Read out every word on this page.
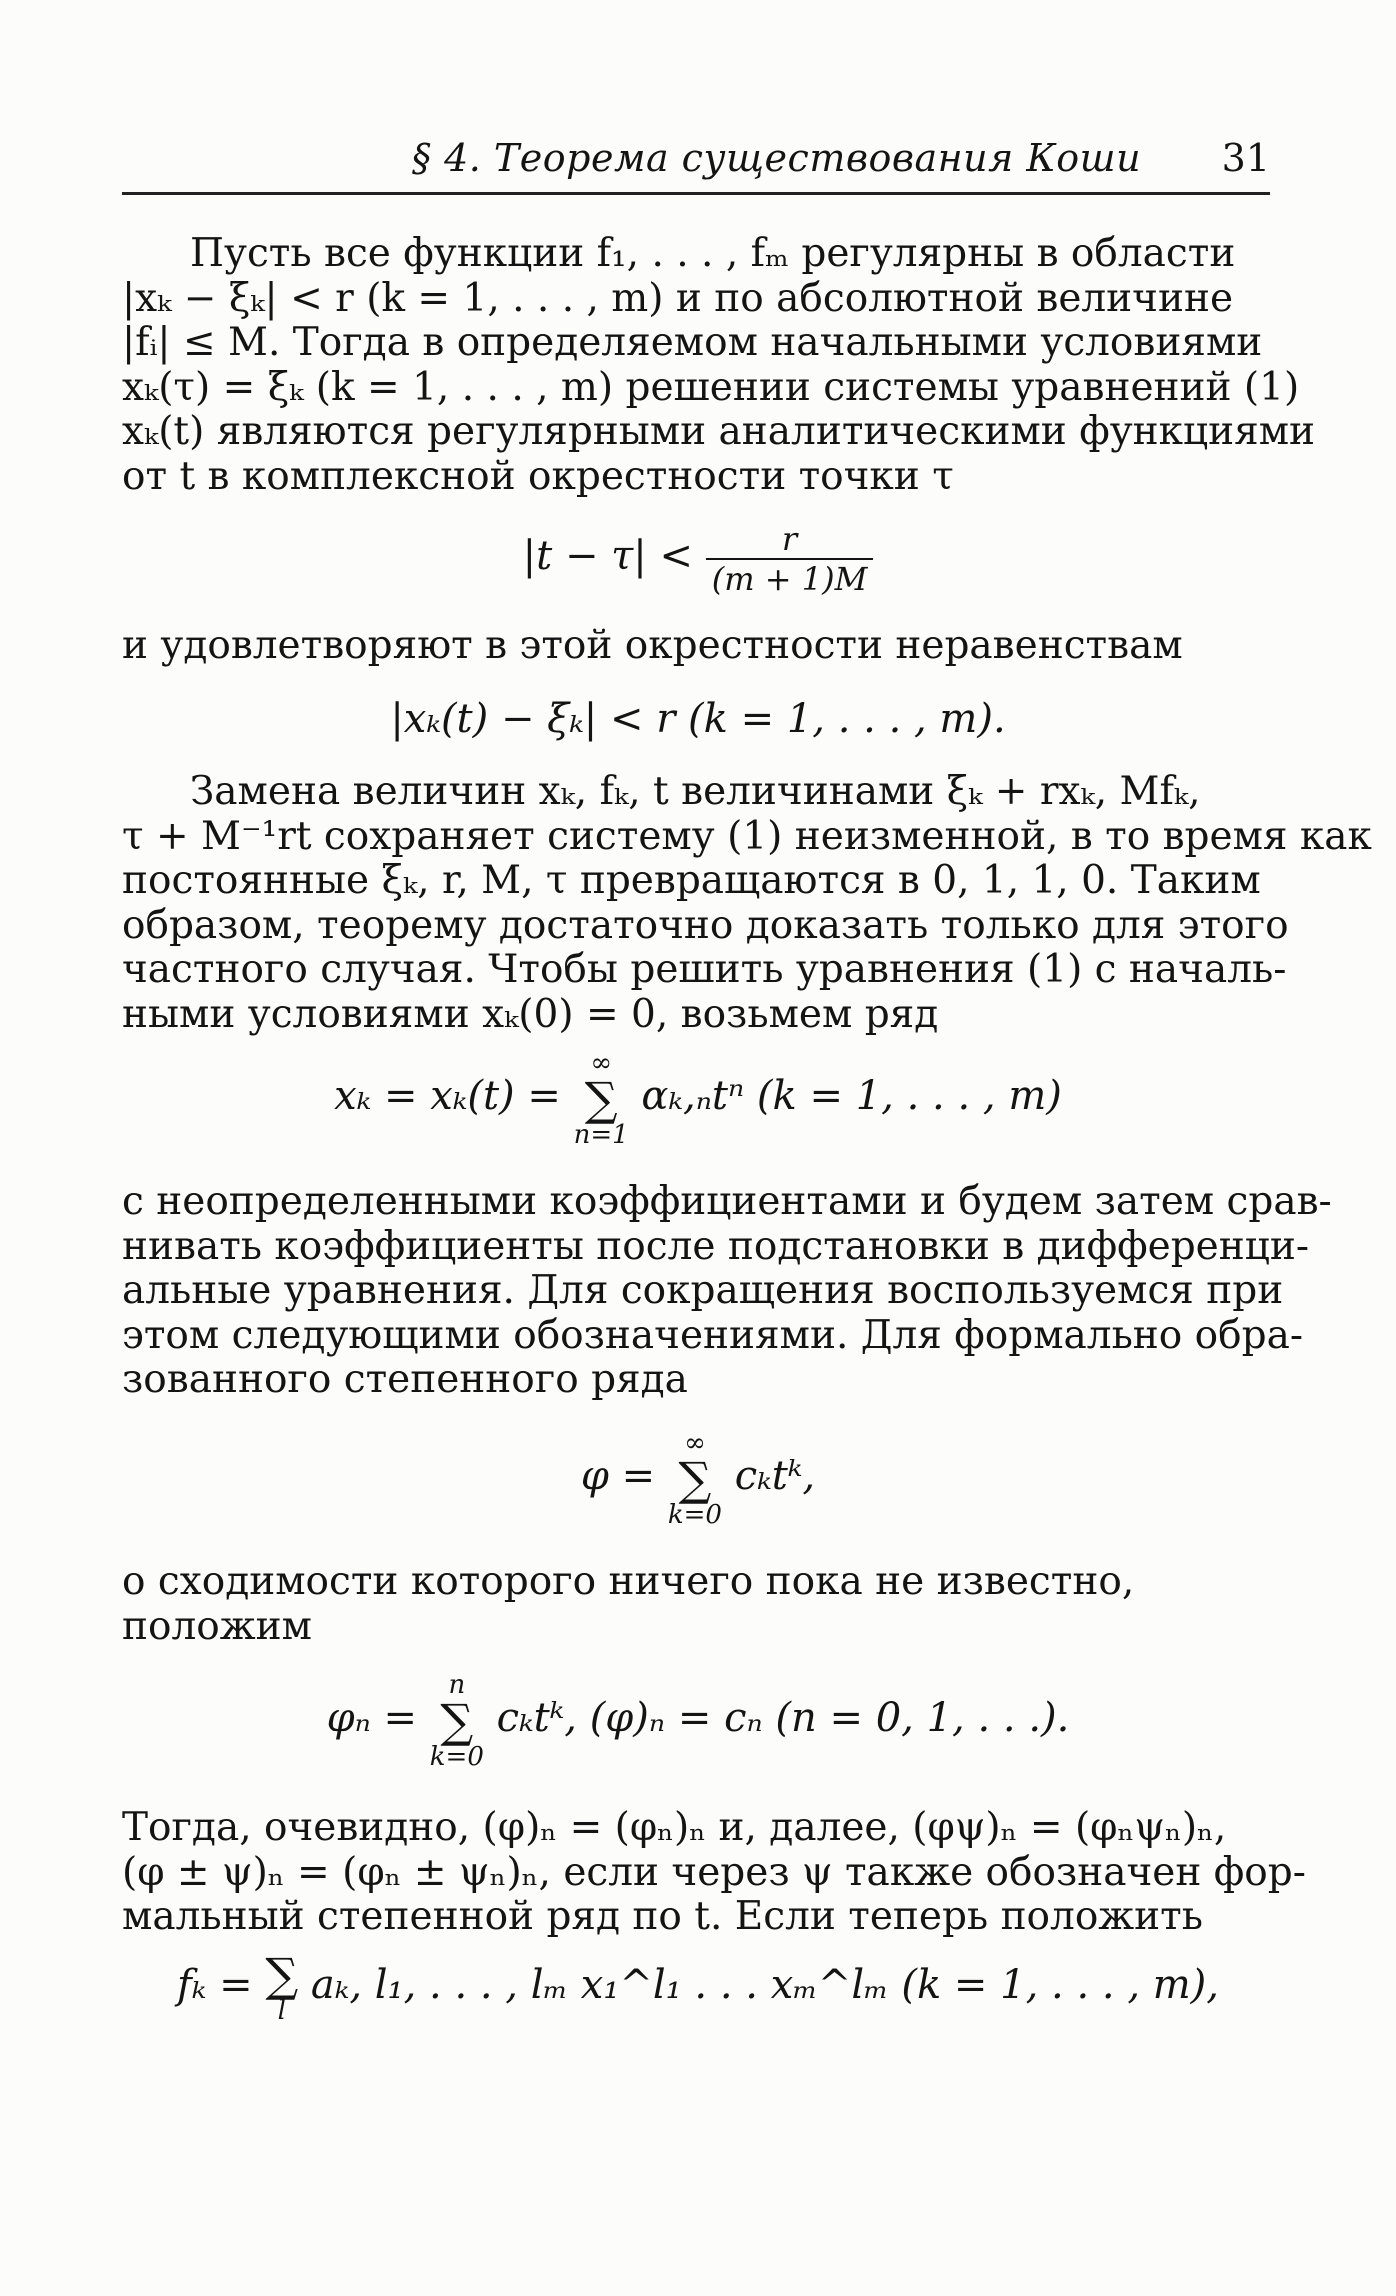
§ 4. Теорема существования Коши 31
Пусть все функции f₁, . . . , fₘ регулярны в области
|xₖ − ξₖ| < r (k = 1, . . . , m) и по абсолютной величине
|fᵢ| ≤ M. Тогда в определяемом начальными условиями
xₖ(τ) = ξₖ (k = 1, . . . , m) решении системы уравнений (1)
xₖ(t) являются регулярными аналитическими функциями
от t в комплексной окрестности точки τ
$|t - \tau| < \frac{r}{(m + 1)M}$
и удовлетворяют в этой окрестности неравенствам
|xₖ(t) − ξₖ| < r (k = 1, . . . , m).
Замена величин xₖ, fₖ, t величинами ξₖ + rxₖ, Mfₖ,
τ + M⁻¹rt сохраняет систему (1) неизменной, в то время как
постоянные ξₖ, r, M, τ превращаются в 0, 1, 1, 0. Таким
образом, теорему достаточно доказать только для этого
частного случая. Чтобы решить уравнения (1) с началь-
ными условиями xₖ(0) = 0, возьмем ряд
xₖ = xₖ(t) =
∞
∑
n=1
αₖ,ₙtⁿ (k = 1, . . . , m)
с неопределенными коэффициентами и будем затем срав-
нивать коэффициенты после подстановки в дифференци-
альные уравнения. Для сокращения воспользуемся при
этом следующими обозначениями. Для формально обра-
зованного степенного ряда
φ =
∞
∑
k=0
cₖtᵏ,
о сходимости которого ничего пока не известно,
положим
φₙ =
n
∑
k=0
cₖtᵏ, (φ)ₙ = cₙ (n = 0, 1, . . .).
Тогда, очевидно, (φ)ₙ = (φₙ)ₙ и, далее, (φψ)ₙ = (φₙψₙ)ₙ,
(φ ± ψ)ₙ = (φₙ ± ψₙ)ₙ, если через ψ также обозначен фор-
мальный степенной ряд по t. Если теперь положить
fₖ = ∑
l
aₖ, l₁, . . . , lₘ x₁^l₁ . . . xₘ^lₘ (k = 1, . . . , m),
